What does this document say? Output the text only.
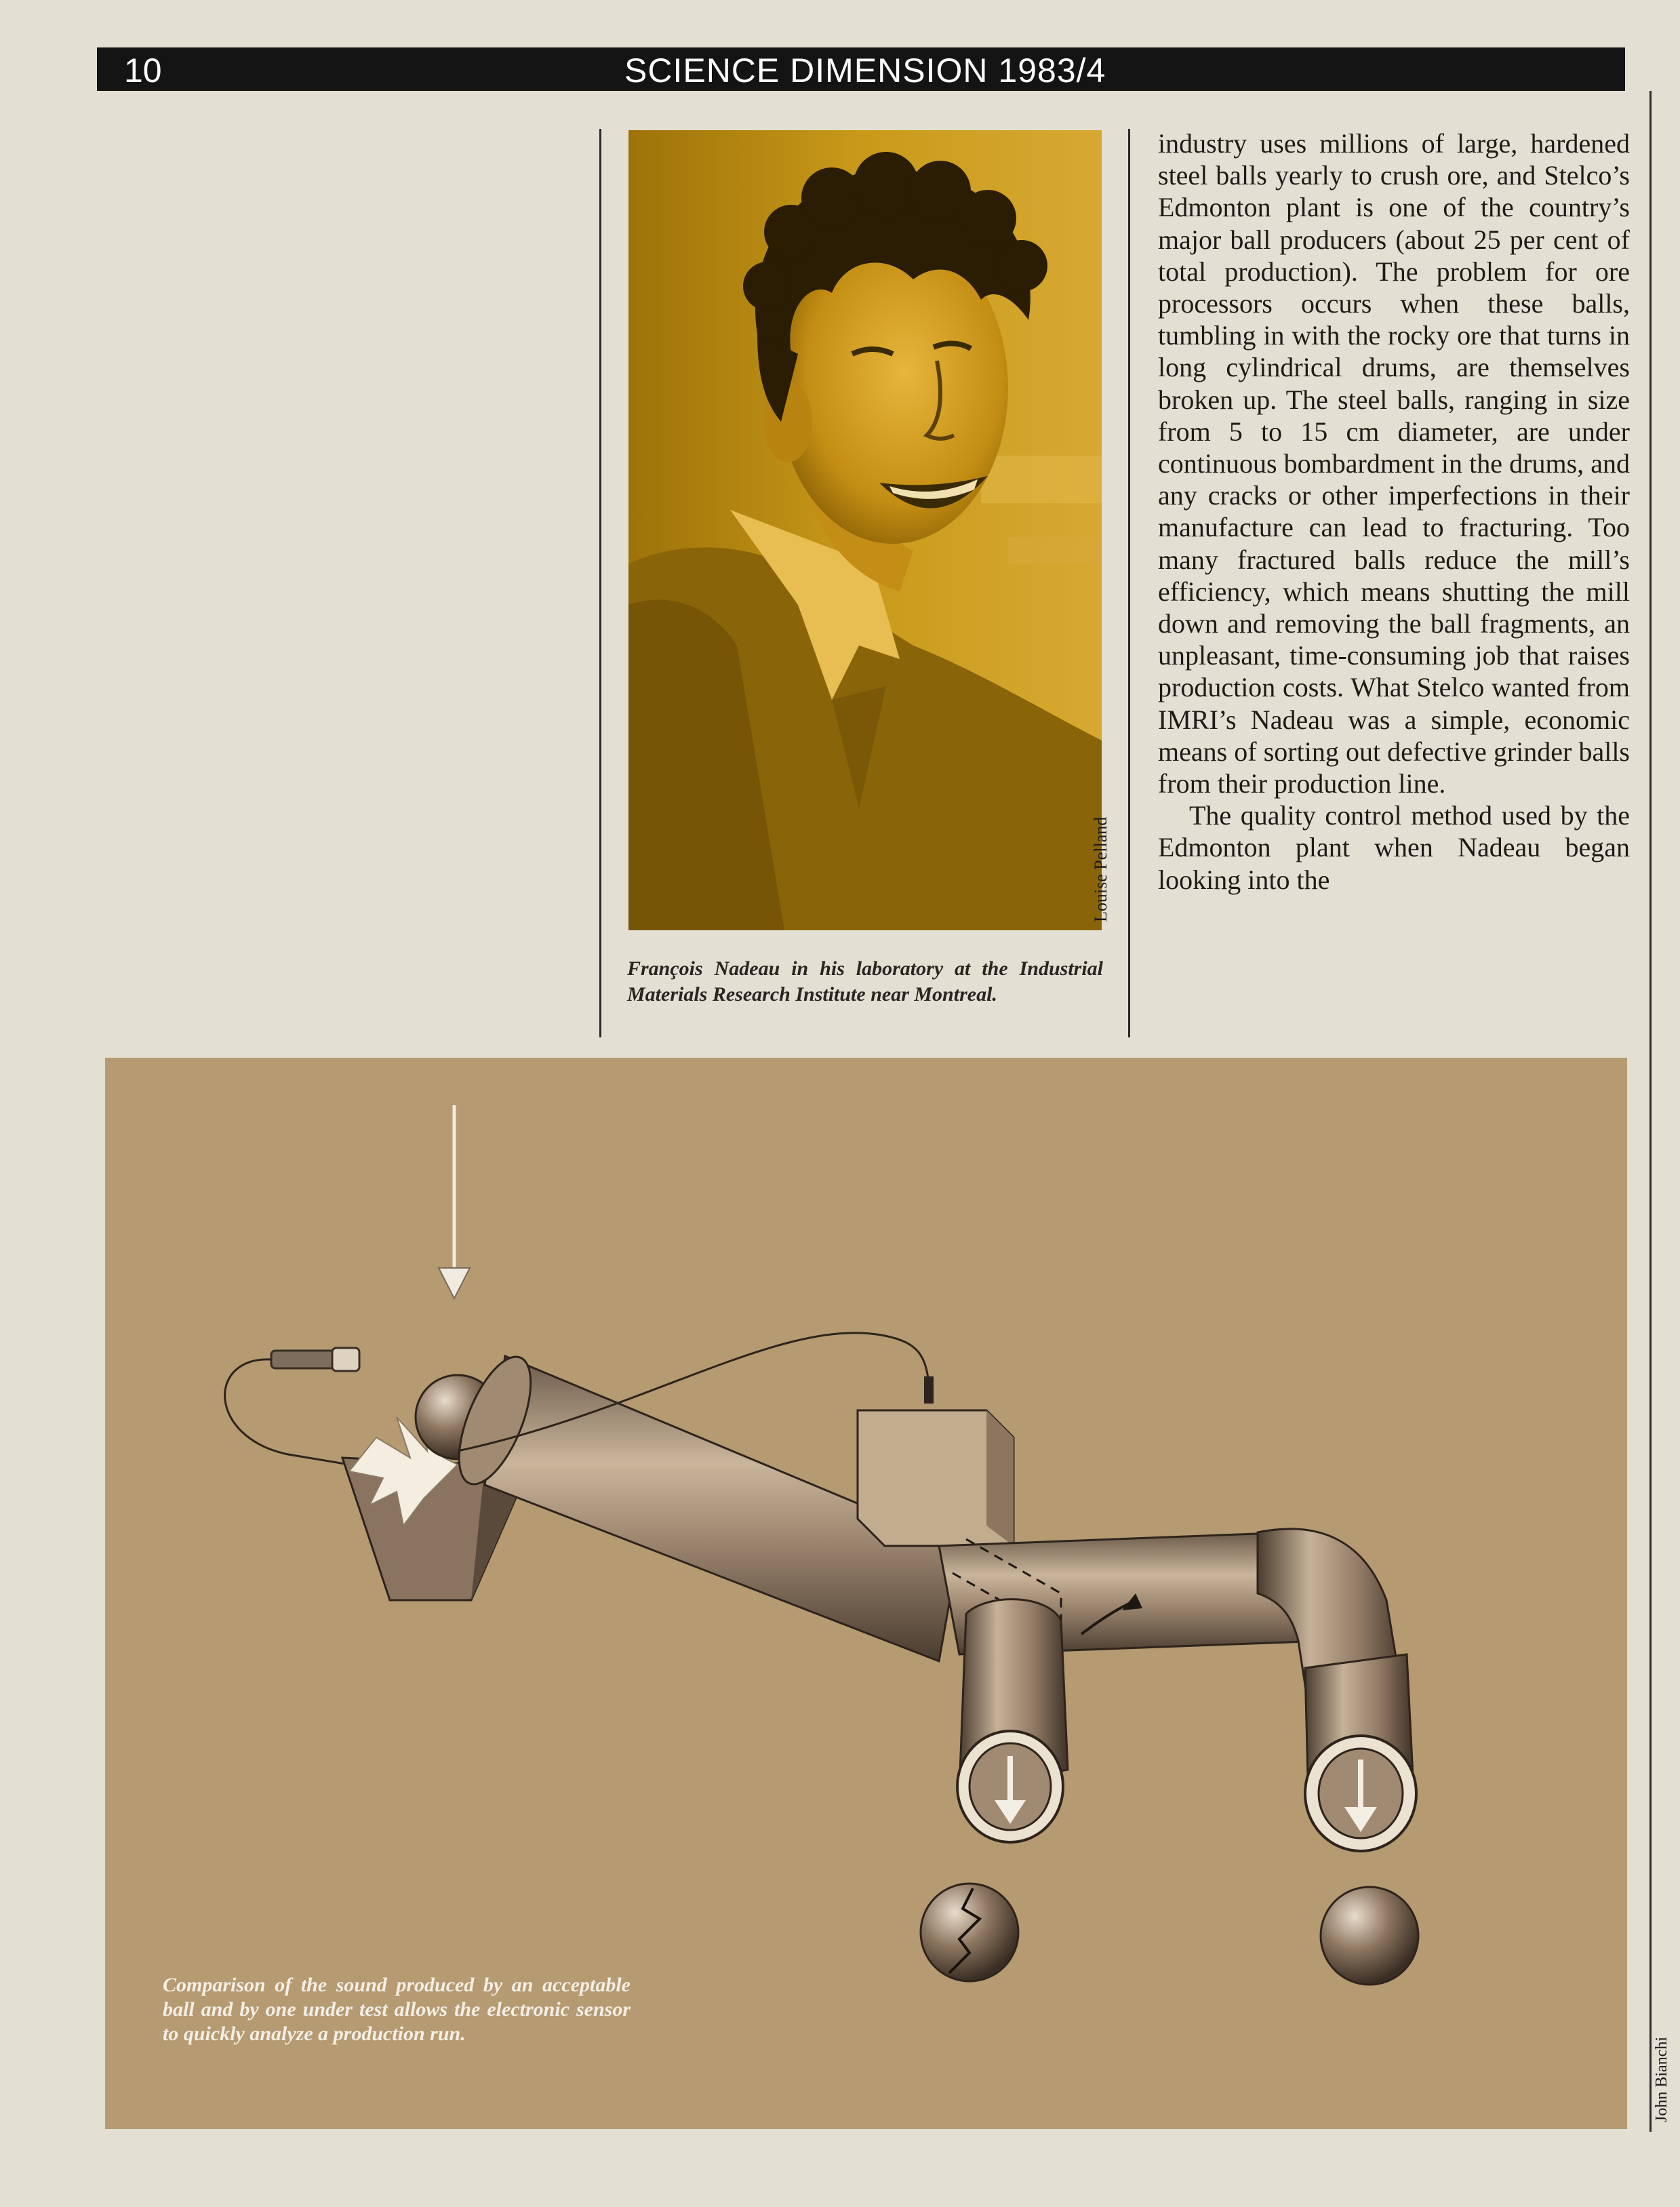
10	SCIENCE DIMENSION 1983/4
Louise Pelland

François Nadeau in his laboratory at the Industrial Materials Research Institute near Montreal.

industry uses millions of large, hardened steel balls yearly to crush ore, and Stelco’s Edmonton plant is one of the country’s major ball producers (about 25 per cent of total production). The problem for ore processors occurs when these balls, tumbling in with the rocky ore that turns in long cylindrical drums, are themselves broken up. The steel balls, ranging in size from 5 to 15 cm diameter, are under continuous bombardment in the drums, and any cracks or other imperfections in their manufacture can lead to fracturing. Too many fractured balls reduce the mill’s efficiency, which means shutting the mill down and removing the ball fragments, an unpleasant, time-consuming job that raises production costs. What Stelco wanted from IMRI’s Nadeau was a simple, economic means of sorting out defective grinder balls from their production line.

The quality control method used by the Edmonton plant when Nadeau began looking into the

Comparison of the sound produced by an acceptable ball and by one under test allows the electronic sensor to quickly analyze a production run.

John Bianchi
